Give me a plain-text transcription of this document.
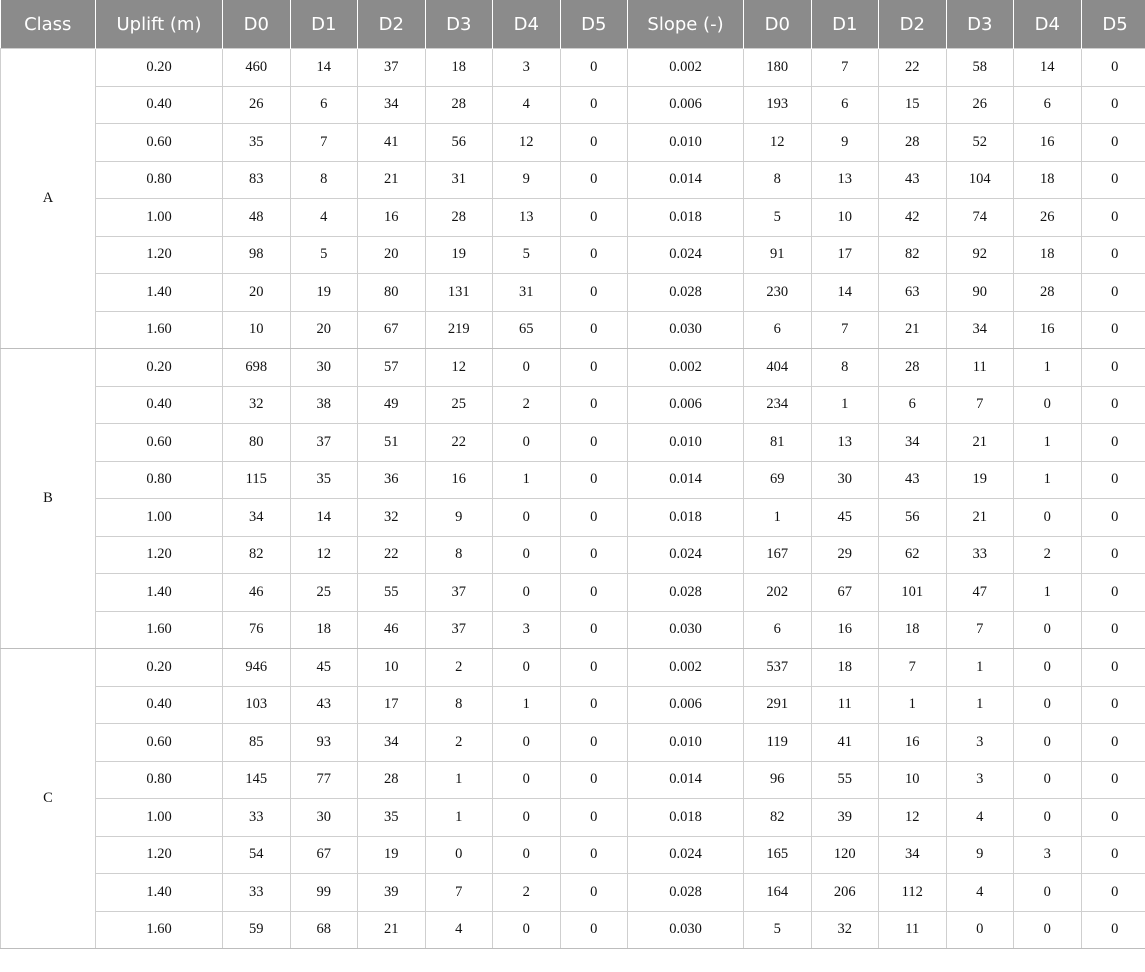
Class	Uplift (m)	D0	D1	D2	D3	D4	D5	Slope (-)	D0	D1	D2	D3	D4	D5
A	0.20	460	14	37	18	3	0	0.002	180	7	22	58	14	0
	0.40	26	6	34	28	4	0	0.006	193	6	15	26	6	0
	0.60	35	7	41	56	12	0	0.010	12	9	28	52	16	0
	0.80	83	8	21	31	9	0	0.014	8	13	43	104	18	0
	1.00	48	4	16	28	13	0	0.018	5	10	42	74	26	0
	1.20	98	5	20	19	5	0	0.024	91	17	82	92	18	0
	1.40	20	19	80	131	31	0	0.028	230	14	63	90	28	0
	1.60	10	20	67	219	65	0	0.030	6	7	21	34	16	0
B	0.20	698	30	57	12	0	0	0.002	404	8	28	11	1	0
	0.40	32	38	49	25	2	0	0.006	234	1	6	7	0	0
	0.60	80	37	51	22	0	0	0.010	81	13	34	21	1	0
	0.80	115	35	36	16	1	0	0.014	69	30	43	19	1	0
	1.00	34	14	32	9	0	0	0.018	1	45	56	21	0	0
	1.20	82	12	22	8	0	0	0.024	167	29	62	33	2	0
	1.40	46	25	55	37	0	0	0.028	202	67	101	47	1	0
	1.60	76	18	46	37	3	0	0.030	6	16	18	7	0	0
C	0.20	946	45	10	2	0	0	0.002	537	18	7	1	0	0
	0.40	103	43	17	8	1	0	0.006	291	11	1	1	0	0
	0.60	85	93	34	2	0	0	0.010	119	41	16	3	0	0
	0.80	145	77	28	1	0	0	0.014	96	55	10	3	0	0
	1.00	33	30	35	1	0	0	0.018	82	39	12	4	0	0
	1.20	54	67	19	0	0	0	0.024	165	120	34	9	3	0
	1.40	33	99	39	7	2	0	0.028	164	206	112	4	0	0
	1.60	59	68	21	4	0	0	0.030	5	32	11	0	0	0
